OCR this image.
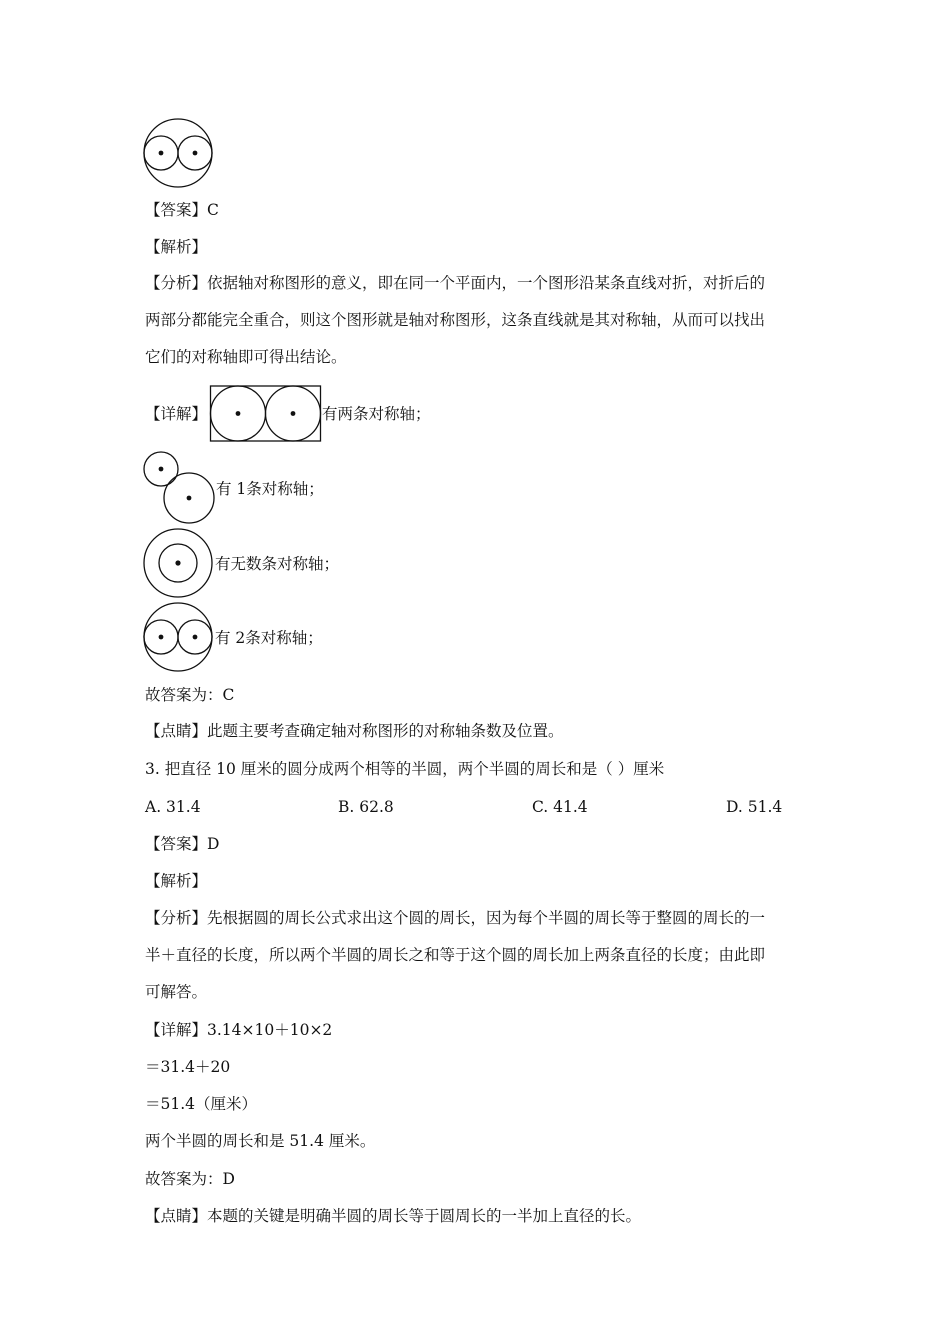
【答案】C
【解析】
【分析】依据轴对称图形的意义，即在同一个平面内，一个图形沿某条直线对折，对折后的
两部分都能完全重合，则这个图形就是轴对称图形，这条直线就是其对称轴，从而可以找出
它们的对称轴即可得出结论。
【详解】	有两条对称轴；
有 1条对称轴；
有无数条对称轴；
有 2条对称轴；
故答案为：C
【点睛】此题主要考查确定轴对称图形的对称轴条数及位置。
3. 把直径 10 厘米的圆分成两个相等的半圆，两个半圆的周长和是（ ）厘米
A. 31.4	B. 62.8	C. 41.4	D. 51.4
【答案】D
【解析】
【分析】先根据圆的周长公式求出这个圆的周长，因为每个半圆的周长等于整圆的周长的一
半＋直径的长度，所以两个半圆的周长之和等于这个圆的周长加上两条直径的长度；由此即
可解答。
【详解】3.14×10＋10×2
＝31.4＋20
＝51.4（厘米）
两个半圆的周长和是 51.4 厘米。
故答案为：D
【点睛】本题的关键是明确半圆的周长等于圆周长的一半加上直径的长。
